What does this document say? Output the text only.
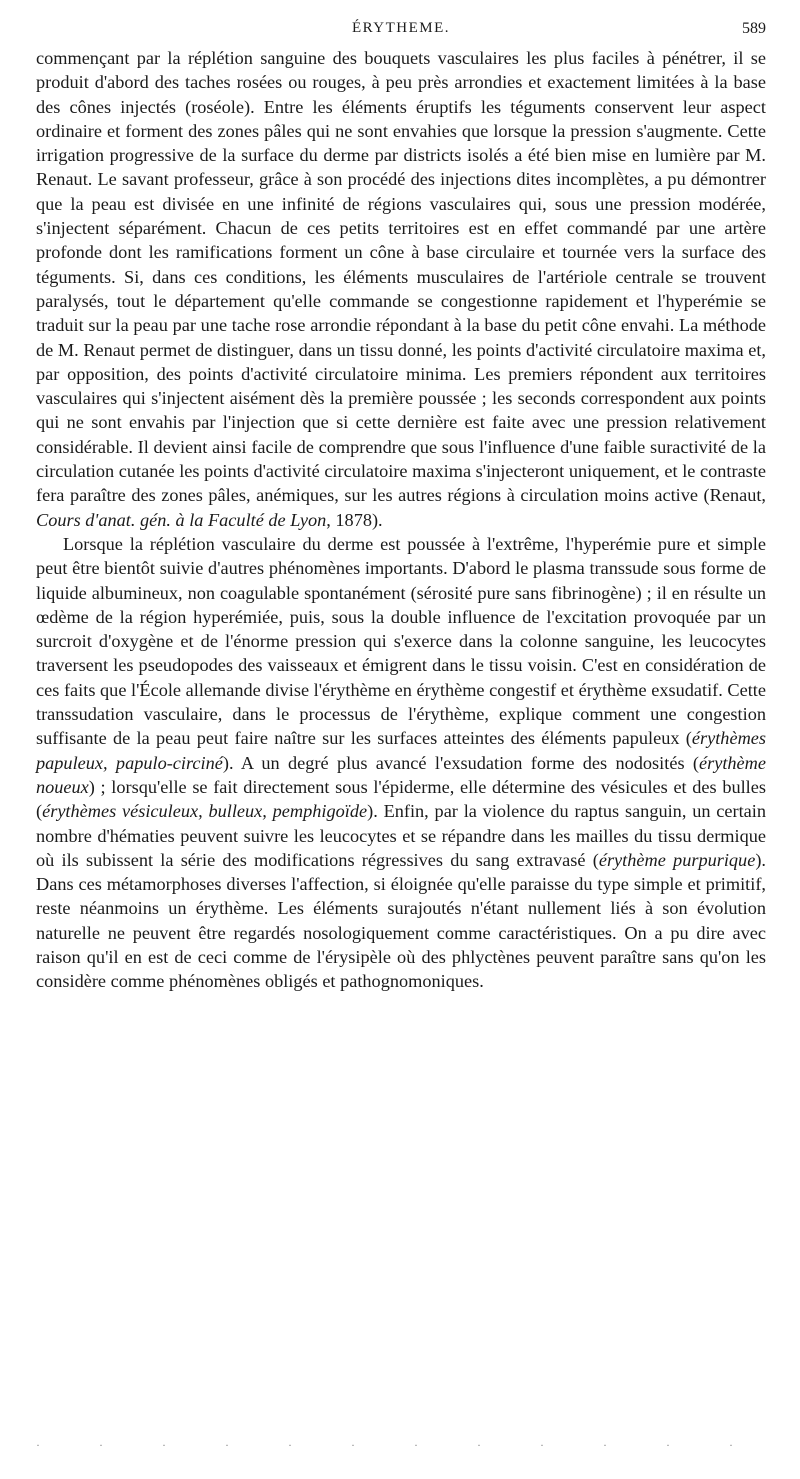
ÉRYTHEME.	589

commençant par la réplétion sanguine des bouquets vasculaires les plus faciles à pénétrer, il se produit d'abord des taches rosées ou rouges, à peu près arrondies et exactement limitées à la base des cônes injectés (roséole). Entre les éléments éruptifs les téguments conservent leur aspect ordinaire et forment des zones pâles qui ne sont envahies que lorsque la pression s'augmente. Cette irrigation progressive de la surface du derme par districts isolés a été bien mise en lumière par M. Renaut. Le savant professeur, grâce à son procédé des injections dites incomplètes, a pu démontrer que la peau est divisée en une infinité de régions vasculaires qui, sous une pression modérée, s'injectent séparément. Chacun de ces petits territoires est en effet commandé par une artère profonde dont les ramifications forment un cône à base circulaire et tournée vers la surface des téguments. Si, dans ces conditions, les éléments musculaires de l'artériole centrale se trouvent paralysés, tout le département qu'elle commande se congestionne rapidement et l'hyperémie se traduit sur la peau par une tache rose arrondie répondant à la base du petit cône envahi. La méthode de M. Renaut permet de distinguer, dans un tissu donné, les points d'activité circulatoire maxima et, par opposition, des points d'activité circulatoire minima. Les premiers répondent aux territoires vasculaires qui s'injectent aisément dès la première poussée ; les seconds correspondent aux points qui ne sont envahis par l'injection que si cette dernière est faite avec une pression relativement considérable. Il devient ainsi facile de comprendre que sous l'influence d'une faible suractivité de la circulation cutanée les points d'activité circulatoire maxima s'injecteront uniquement, et le contraste fera paraître des zones pâles, anémiques, sur les autres régions à circulation moins active (Renaut, Cours d'anat. gén. à la Faculté de Lyon, 1878).

Lorsque la réplétion vasculaire du derme est poussée à l'extrême, l'hyperémie pure et simple peut être bientôt suivie d'autres phénomènes importants. D'abord le plasma transsude sous forme de liquide albumineux, non coagulable spontanément (sérosité pure sans fibrinogène) ; il en résulte un œdème de la région hyperémiée, puis, sous la double influence de l'excitation provoquée par un surcroit d'oxygène et de l'énorme pression qui s'exerce dans la colonne sanguine, les leucocytes traversent les pseudopodes des vaisseaux et émigrent dans le tissu voisin. C'est en considération de ces faits que l'École allemande divise l'érythème en érythème congestif et érythème exsudatif. Cette transsudation vasculaire, dans le processus de l'érythème, explique comment une congestion suffisante de la peau peut faire naître sur les surfaces atteintes des éléments papuleux (érythèmes papuleux, papulo-circiné). A un degré plus avancé l'exsudation forme des nodosités (érythème noueux) ; lorsqu'elle se fait directement sous l'épiderme, elle détermine des vésicules et des bulles (érythèmes vésiculeux, bulleux, pemphigoïde). Enfin, par la violence du raptus sanguin, un certain nombre d'hématies peuvent suivre les leucocytes et se répandre dans les mailles du tissu dermique où ils subissent la série des modifications régressives du sang extravasé (érythème purpurique). Dans ces métamorphoses diverses l'affection, si éloignée qu'elle paraisse du type simple et primitif, reste néanmoins un érythème. Les éléments surajoutés n'étant nullement liés à son évolution naturelle ne peuvent être regardés nosologiquement comme caractéristiques. On a pu dire avec raison qu'il en est de ceci comme de l'érysipèle où des phlyctènes peuvent paraître sans qu'on les considère comme phénomènes obligés et pathognomoniques.

· · · · · · · · · · · ·
